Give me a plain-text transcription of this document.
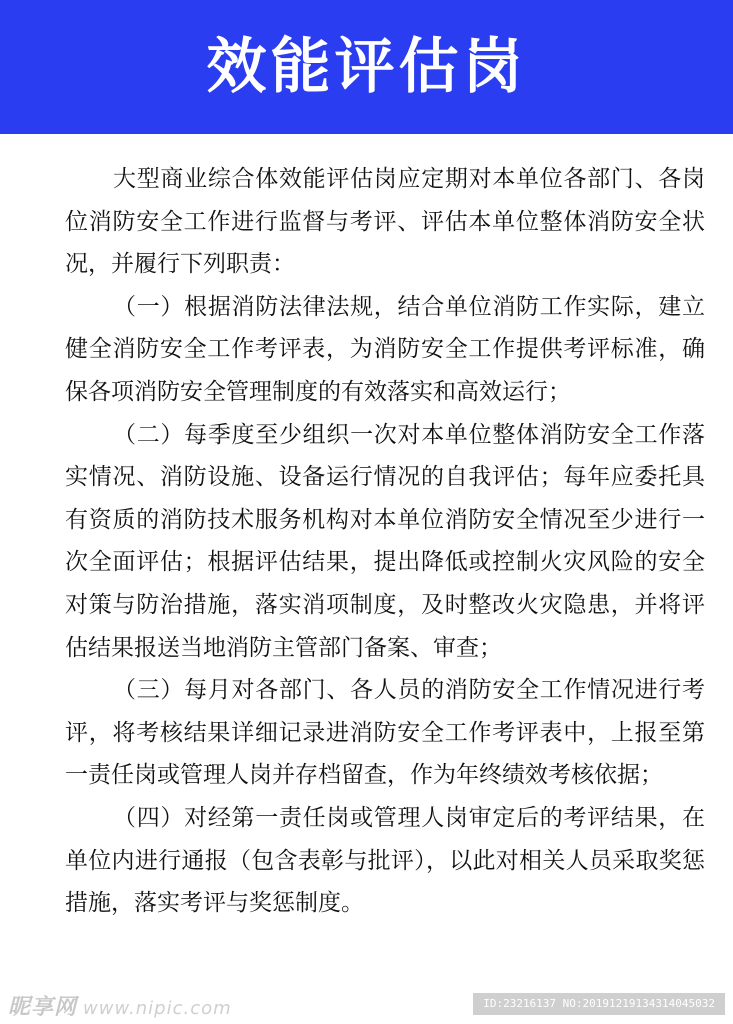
效能评估岗

大型商业综合体效能评估岗应定期对本单位各部门、各岗位消防安全工作进行监督与考评、评估本单位整体消防安全状况，并履行下列职责：

（一）根据消防法律法规，结合单位消防工作实际，建立健全消防安全工作考评表，为消防安全工作提供考评标准，确保各项消防安全管理制度的有效落实和高效运行；

（二）每季度至少组织一次对本单位整体消防安全工作落实情况、消防设施、设备运行情况的自我评估；每年应委托具有资质的消防技术服务机构对本单位消防安全情况至少进行一次全面评估；根据评估结果，提出降低或控制火灾风险的安全对策与防治措施，落实消项制度，及时整改火灾隐患，并将评估结果报送当地消防主管部门备案、审查；

（三）每月对各部门、各人员的消防安全工作情况进行考评，将考核结果详细记录进消防安全工作考评表中，上报至第一责任岗或管理人岗并存档留查，作为年终绩效考核依据；

（四）对经第一责任岗或管理人岗审定后的考评结果，在单位内进行通报（包含表彰与批评），以此对相关人员采取奖惩措施，落实考评与奖惩制度。

昵享网 www.nipic.com	ID:23216137 NO:20191219134314045032
